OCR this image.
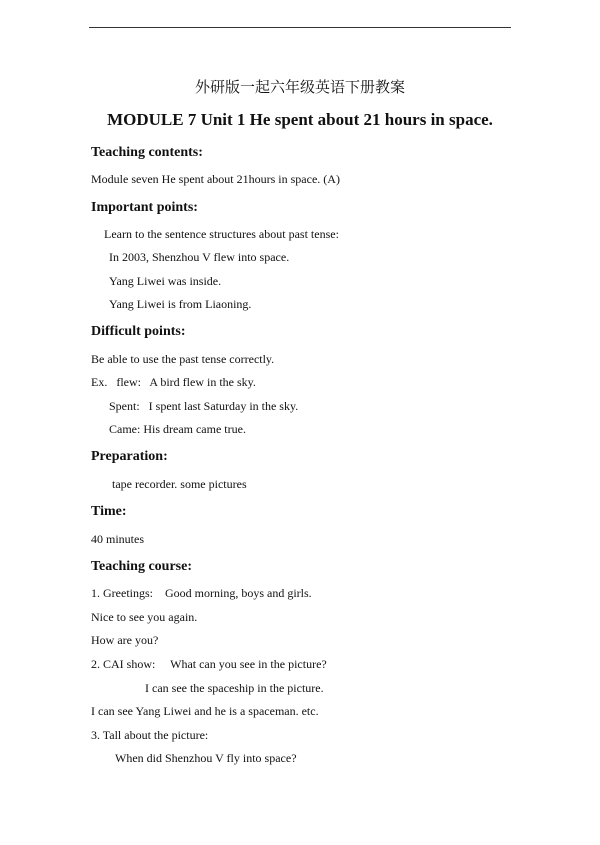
外研版一起六年级英语下册教案
MODULE 7 Unit 1 He spent about 21 hours in space.
Teaching contents:
Module seven He spent about 21hours in space. (A)
Important points:
Learn to the sentence structures about past tense:
In 2003, Shenzhou V flew into space.
Yang Liwei was inside.
Yang Liwei is from Liaoning.
Difficult points:
Be able to use the past tense correctly.
Ex.   flew:   A bird flew in the sky.
Spent:   I spent last Saturday in the sky.
Came: His dream came true.
Preparation:
tape recorder. some pictures
Time:
40 minutes
Teaching course:
1. Greetings:    Good morning, boys and girls.
Nice to see you again.
How are you?
2. CAI show:     What can you see in the picture?
I can see the spaceship in the picture.
I can see Yang Liwei and he is a spaceman. etc.
3. Tall about the picture:
When did Shenzhou V fly into space?
